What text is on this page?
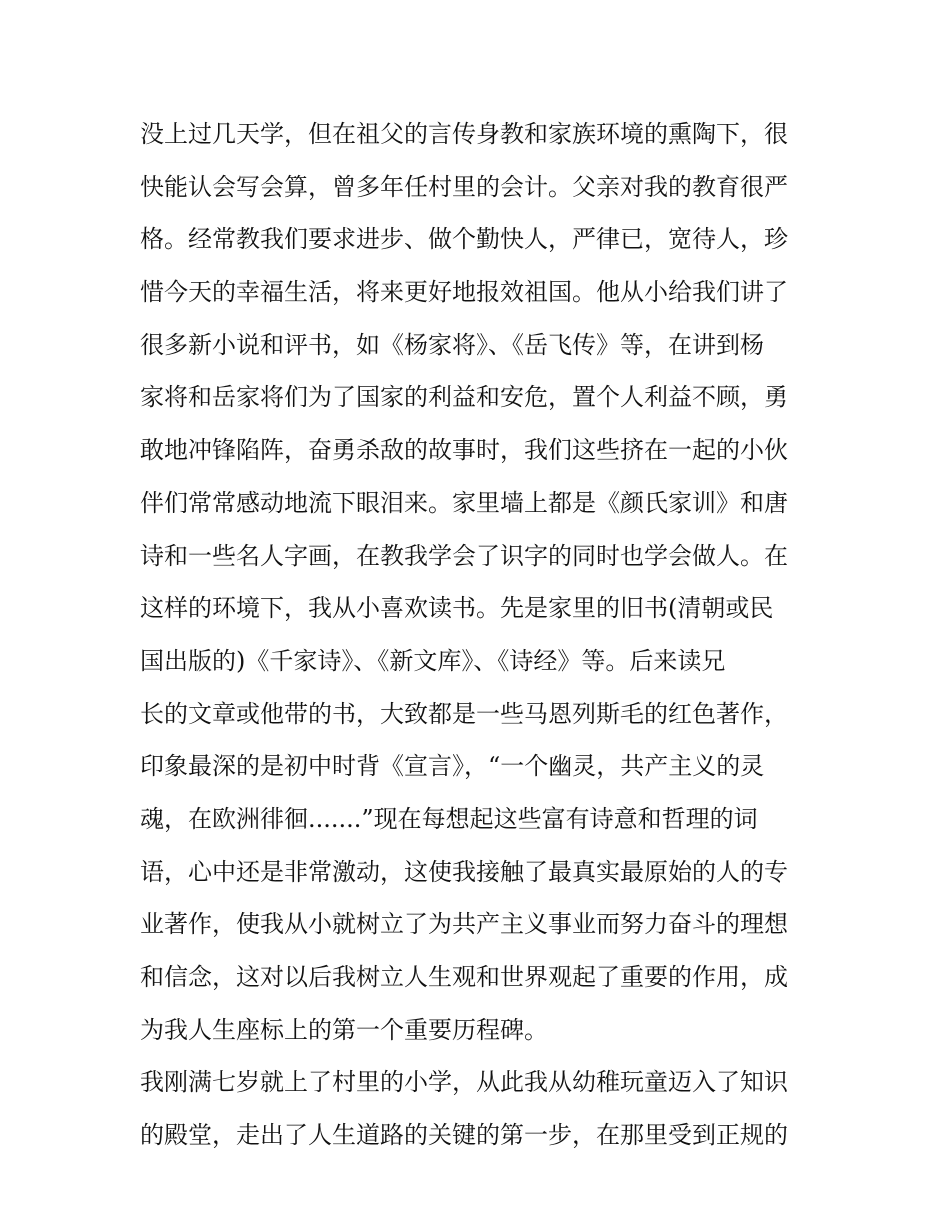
没上过几天学，但在祖父的言传身教和家族环境的熏陶下，很
快能认会写会算，曾多年任村里的会计。父亲对我的教育很严
格。经常教我们要求进步、做个勤快人，严律已，宽待人，珍
惜今天的幸福生活，将来更好地报效祖国。他从小给我们讲了
很多新小说和评书，如《杨家将》、《岳飞传》等，在讲到杨
家将和岳家将们为了国家的利益和安危，置个人利益不顾，勇
敢地冲锋陷阵，奋勇杀敌的故事时，我们这些挤在一起的小伙
伴们常常感动地流下眼泪来。家里墙上都是《颜氏家训》和唐
诗和一些名人字画，在教我学会了识字的同时也学会做人。在
这样的环境下，我从小喜欢读书。先是家里的旧书(清朝或民
国出版的)《千家诗》、《新文库》、《诗经》等。后来读兄
长的文章或他带的书，大致都是一些马恩列斯毛的红色著作，
印象最深的是初中时背《宣言》，“一个幽灵，共产主义的灵
魂，在欧洲徘徊.......”现在每想起这些富有诗意和哲理的词
语，心中还是非常激动，这使我接触了最真实最原始的人的专
业著作，使我从小就树立了为共产主义事业而努力奋斗的理想
和信念，这对以后我树立人生观和世界观起了重要的作用，成
为我人生座标上的第一个重要历程碑。
我刚满七岁就上了村里的小学，从此我从幼稚玩童迈入了知识
的殿堂，走出了人生道路的关键的第一步，在那里受到正规的
